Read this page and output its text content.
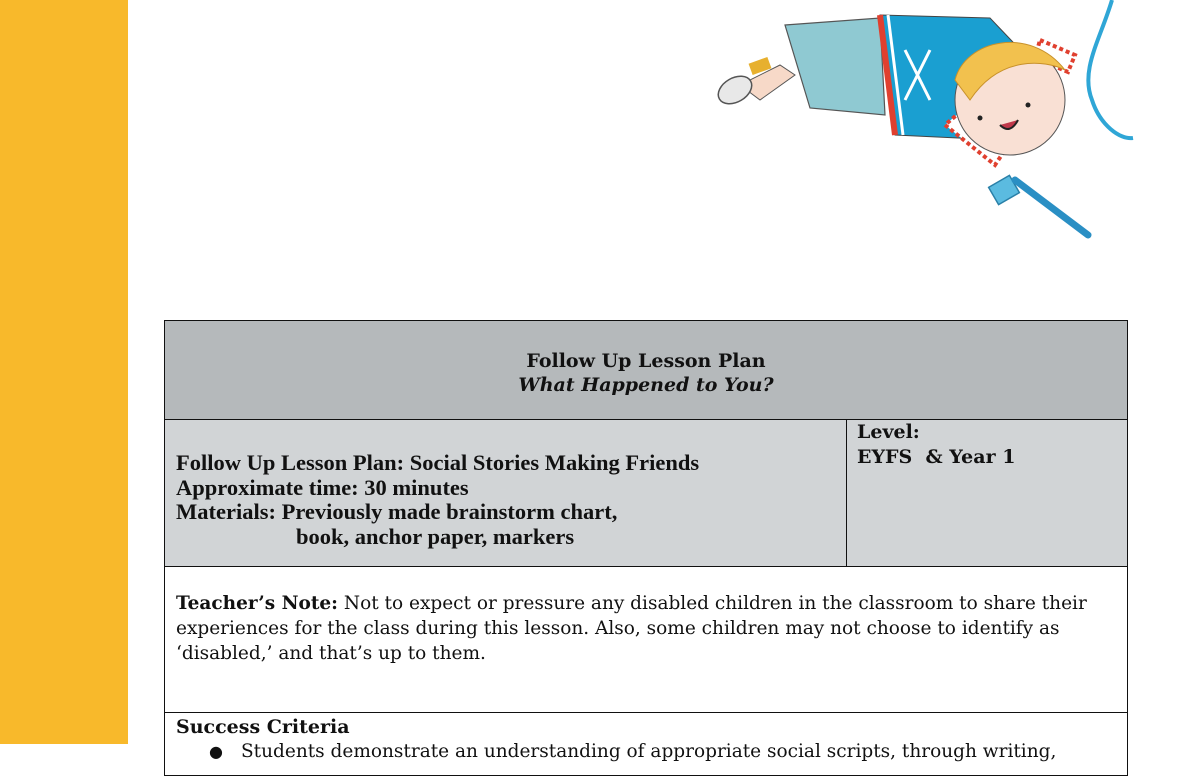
Follow Up Lesson Plan
What Happened to You?

Follow Up Lesson Plan: Social Stories Making Friends
Approximate time: 30 minutes
Materials: Previously made brainstorm chart,
book, anchor paper, markers

Level:
EYFS  & Year 1

Teacher’s Note: Not to expect or pressure any disabled children in the classroom to share their experiences for the class during this lesson. Also, some children may not choose to identify as ‘disabled,’ and that’s up to them.

Success Criteria
● Students demonstrate an understanding of appropriate social scripts, through writing,
